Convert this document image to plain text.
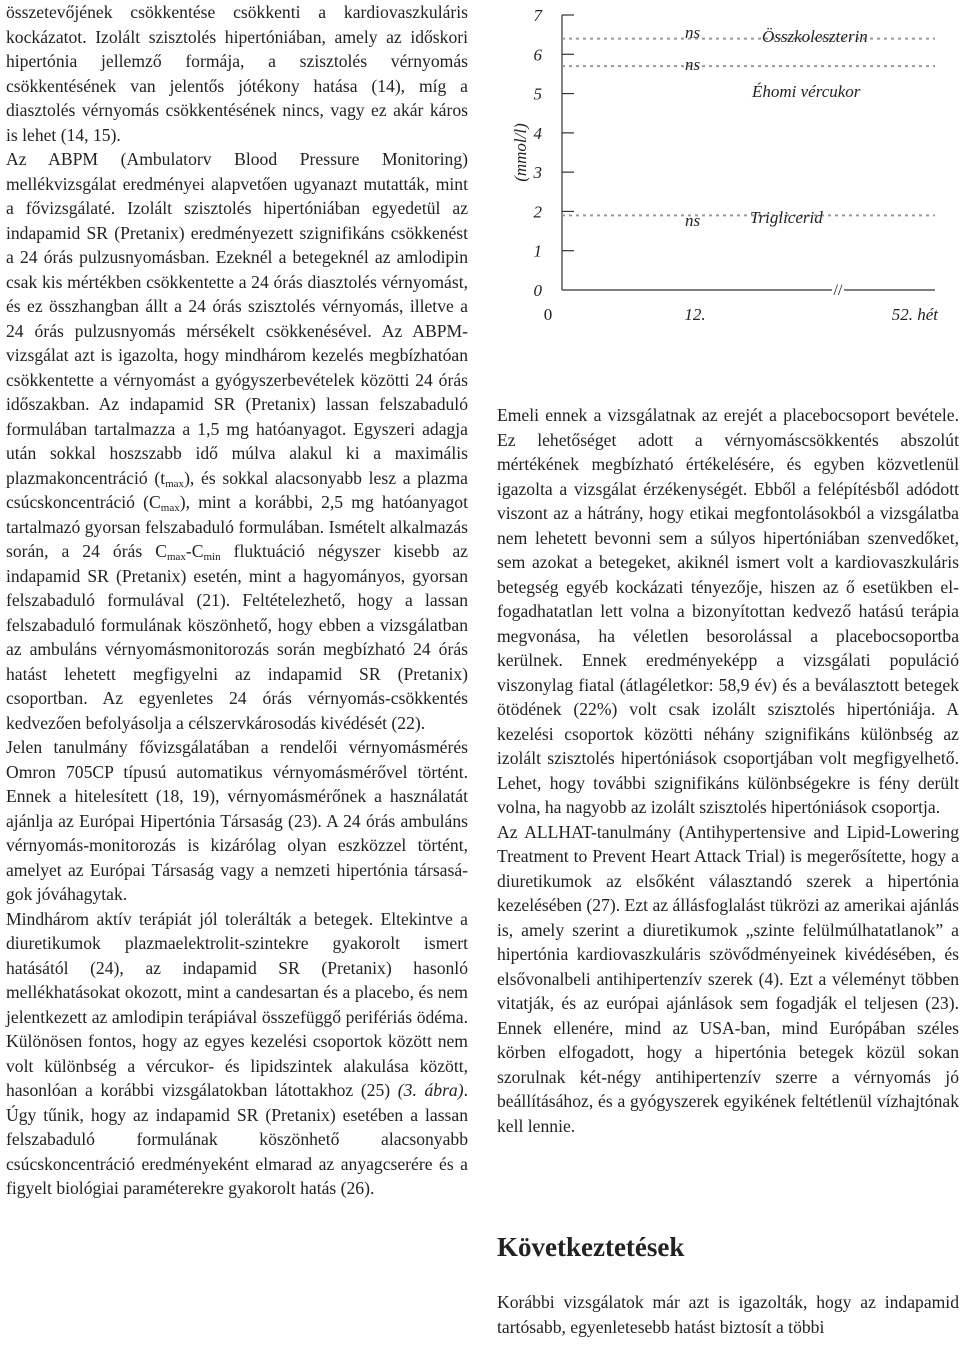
összetevőjének csökkentése csökkenti a kardiovaszkuláris kockázatot. Izolált szisztolés hipertóniában, amely az időskori hipertónia jellemző formája, a szisztolés vérnyomás csökkentésének van jelentős jótékony hatása (14), míg a diasztolés vérnyomás csökkentésének nincs, vagy ez akár káros is lehet (14, 15).

Az ABPM (Ambulatorv Blood Pressure Monitoring) mellékvizsgálat eredményei alapvetően ugyanazt mutatták, mint a fővizsgálaté. Izolált szisztolés hipertóniában egyedetül az indapamid SR (Pretanix) eredményezett szignifikáns csökkenést a 24 órás pulzusnyomásban. Ezeknél a betegeknél az amlodipin csak kis mértékben csökkentette a 24 órás diasztolés vérnyomást, és ez összhangban állt a 24 órás szisztolés vérnyomás, illetve a 24 órás pulzusnyomás mérsékelt csökkenésével. Az ABPM-vizsgálat azt is igazolta, hogy mindhárom kezelés megbízhatóan csökkentette a vérnyomást a gyógyszerbevételek közötti 24 órás időszakban. Az indapamid SR (Pretanix) lassan felszabaduló formulában tartalmazza a 1,5 mg hatóanyagot. Egyszeri adagja után sokkal hoszszabb idő múlva alakul ki a maximális plazmakoncentráció $(t_{max})$, és sokkal alacsonyabb lesz a plazma csúcskoncentráció $(C_{max})$, mint a korábbi, 2,5 mg hatóanyagot tartalmazó gyorsan felszabaduló formulában. Ismételt alkalmazás során, a 24 órás $C_{max}-C_{min}$ fluktuáció négyszer kisebb az indapamid SR (Pretanix) esetén, mint a hagyományos, gyorsan felszabaduló formulával (21). Feltételezhető, hogy a lassan felszabaduló formulának köszönhető, hogy ebben a vizsgálatban az ambuláns vérnyomásmonitorozás során megbízható 24 órás hatást lehetett megfigyelni az indapamid SR (Pretanix) csoportban. Az egyenletes 24 órás vérnyomás-csökkentés kedvezően befolyásolja a célszervkárosodás kivédését (22).

Jelen tanulmány fővizsgálatában a rendelői vérnyomásmérés Omron 705CP típusú automatikus vérnyomásmérővel történt. Ennek a hitelesített (18, 19), vérnyomásmérőnek a használatát ajánlja az Európai Hipertónia Társaság (23). A 24 órás ambuláns vérnyomás-monitorozás is kizárólag olyan eszközzel történt, amelyet az Európai Társaság vagy a nemzeti hipertónia társaságok jóváhagytak.

Mindhárom aktív terápiát jól tolerálták a betegek. Eltekintve a diuretikumok plazmaelektrolit-szintekre gyakorolt ismert hatásától (24), az indapamid SR (Pretanix) hasonló mellékhatásokat okozott, mint a candesartan és a placebo, és nem jelentkezett az amlodipin terápiával összefüggő perifériás ödéma. Különösen fontos, hogy az egyes kezelési csoportok között nem volt különbség a vércukor- és lipidszintek alakulása között, hasonlóan a korábbi vizsgálatokban látottakhoz (25) (3. ábra). Úgy tűnik, hogy az indapamid SR (Pretanix) esetében a lassan felszabaduló formulának köszönhető alacsonyabb csúcskoncentráció eredményeként elmarad az anyagcserére és a figyelt biológiai paraméterekre gyakorolt hatás (26).

//
7
6
5
4
3
2
1
0
(mmol/l)
0	12.	52. hét
Összkoleszterin
ns
Éhomi vércukor
ns
Triglicerid
ns

Emeli ennek a vizsgálatnak az erejét a placebocsoport bevétele. Ez lehetőséget adott a vérnyomáscsökkentés abszolút mértékének megbízható értékelésére, és egyben közvetlenül igazolta a vizsgálat érzékenységét. Ebből a felépítésből adódott viszont az a hátrány, hogy etikai megfontolásokból a vizsgálatba nem lehetett bevonni sem a súlyos hipertóniában szenvedőket, sem azokat a betegeket, akiknél ismert volt a kardiovaszkuláris betegség egyéb kockázati tényezője, hiszen az ő esetükben elfogadhatatlan lett volna a bizonyítottan kedvező hatású terápia megvonása, ha véletlen besorolással a placebocsoportba kerülnek. Ennek eredményeképp a vizsgálati populáció viszonylag fiatal (átlagéletkor: 58,9 év) és a beválasztott betegek ötödének (22%) volt csak izolált szisztolés hipertóniája. A kezelési csoportok közötti néhány szignifikáns különbség az izolált szisztolés hipertóniások csoportjában volt megfigyelhető. Lehet, hogy további szignifikáns különbségekre is fény derült volna, ha nagyobb az izolált szisztolés hipertóniások csoportja.

Az ALLHAT-tanulmány (Antihypertensive and Lipid-Lowering Treatment to Prevent Heart Attack Trial) is megerősítette, hogy a diuretikumok az elsőként választandó szerek a hipertónia kezelésében (27). Ezt az állásfoglalást tükrözi az amerikai ajánlás is, amely szerint a diuretikumok „szinte felülmúlhatatlanok” a hipertónia kardiovaszkuláris szövődményeinek kivédésében, és elsővonalbeli antihipertenzív szerek (4). Ezt a véleményt többen vitatják, és az európai ajánlások sem fogadják el teljesen (23). Ennek ellenére, mind az USA-ban, mind Európában széles körben elfogadott, hogy a hipertónia betegek közül sokan szorulnak két-négy antihipertenzív szerre a vérnyomás jó beállításához, és a gyógyszerek egyikének feltétlenül vízhajtónak kell lennie.

Következtetések

Korábbi vizsgálatok már azt is igazolták, hogy az indapamid tartósabb, egyenletesebb hatást biztosít a többi
